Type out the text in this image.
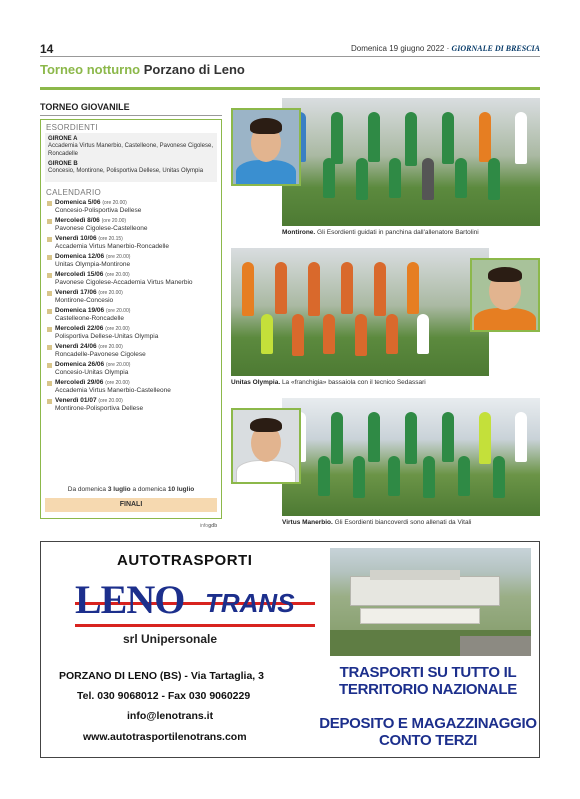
14	Domenica 19 giugno 2022 · GIORNALE DI BRESCIA
Torneo notturno Porzano di Leno
TORNEO GIOVANILE
ESORDIENTI
GIRONE A
Accademia Virtus Manerbio, Castelleone, Pavonese Cigolese, Roncadelle
GIRONE B
Concesio, Montirone, Polisportiva Dellese, Unitas Olympia
CALENDARIO
Domenica 5/06 (ore 20.00)
Concesio-Polisportiva Dellese
Mercoledì 8/06 (ore 20.00)
Pavonese Cigolese-Castelleone
Venerdì 10/06 (ore 20.15)
Accademia Virtus Manerbio-Roncadelle
Domenica 12/06 (ore 20.00)
Unitas Olympia-Montirone
Mercoledì 15/06 (ore 20.00)
Pavonese Cigolese-Accademia Virtus Manerbio
Venerdì 17/06 (ore 20.00)
Montirone-Concesio
Domenica 19/06 (ore 20.00)
Castelleone-Roncadelle
Mercoledì 22/06 (ore 20.00)
Polisportiva Dellese-Unitas Olympia
Venerdì 24/06 (ore 20.00)
Roncadelle-Pavonese Cigolese
Domenica 26/06 (ore 20.00)
Concesio-Unitas Olympia
Mercoledì 29/06 (ore 20.00)
Accademia Virtus Manerbio-Castelleone
Venerdì 01/07 (ore 20.00)
Montirone-Polisportiva Dellese
Da domenica 3 luglio a domenica 10 luglio
FINALI
infogdb
Montirone. Gli Esordienti guidati in panchina dall'allenatore Bartolini
Unitas Olympia. La «franchigia» bassaiola con il tecnico Sedassari
Virtus Manerbio. Gli Esordienti biancoverdi sono allenati da Vitali
AUTOTRASPORTI
LENO TRANS
srl Unipersonale
PORZANO DI LENO (BS) - Via Tartaglia, 3
Tel. 030 9068012 - Fax 030 9060229
info@lenotrans.it
www.autotrasportilenotrans.com
TRASPORTI SU TUTTO IL TERRITORIO NAZIONALE
DEPOSITO E MAGAZZINAGGIO CONTO TERZI
